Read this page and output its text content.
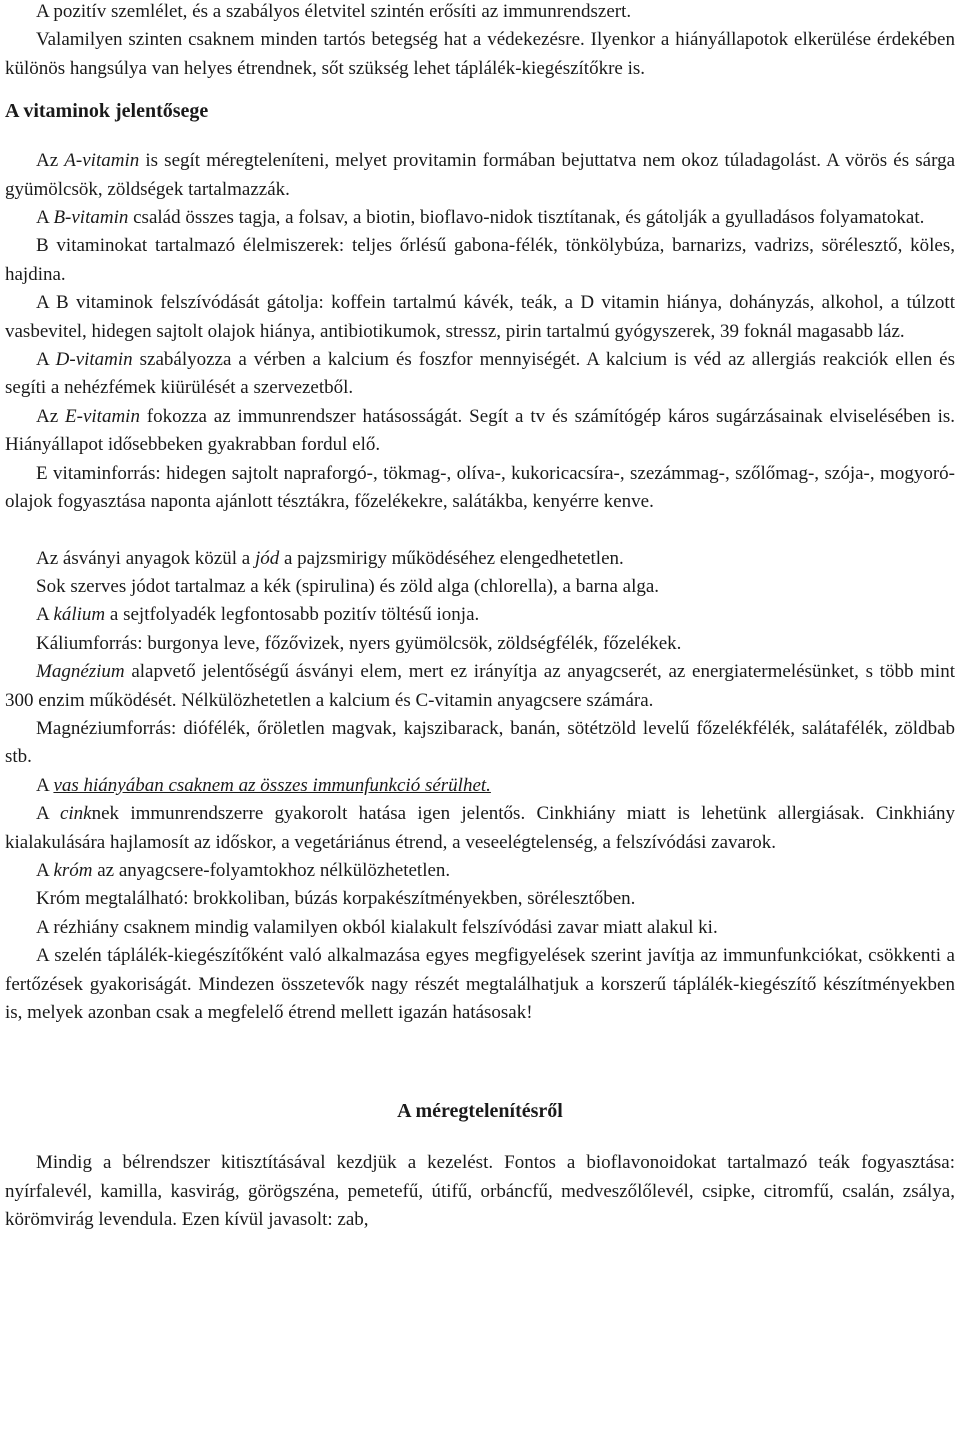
A pozitív szemlélet, és a szabályos életvitel szintén erősíti az immunrendszert.

Valamilyen szinten csaknem minden tartós betegség hat a védekezésre. Ilyenkor a hiányállapotok elkerülése érdekében különös hangsúlya van helyes étrendnek, sőt szükség lehet táplálék-kiegészítőkre is.

A vitaminok jelentősege

Az A-vitamin is segít méregteleníteni, melyet provitamin formában bejuttatva nem okoz túladagolást. A vörös és sárga gyümölcsök, zöldségek tartalmazzák.

A B-vitamin család összes tagja, a folsav, a biotin, bioflavo-nidok tisztítanak, és gátolják a gyulladásos folyamatokat.

B vitaminokat tartalmazó élelmiszerek: teljes őrlésű gabona-félék, tönkölybúza, barnarizs, vadrizs, sörélesztő, köles, hajdina.

A B vitaminok felszívódását gátolja: koffein tartalmú kávék, teák, a D vitamin hiánya, dohányzás, alkohol, a túlzott vasbevitel, hidegen sajtolt olajok hiánya, antibiotikumok, stressz, pirin tartalmú gyógyszerek, 39 foknál magasabb láz.

A D-vitamin szabályozza a vérben a kalcium és foszfor mennyiségét. A kalcium is véd az allergiás reakciók ellen és segíti a nehézfémek kiürülését a szervezetből.

Az E-vitamin fokozza az immunrendszer hatásosságát. Segít a tv és számítógép káros sugárzásainak elviselésében is. Hiányállapot idősebbeken gyakrabban fordul elő.

E vitaminforrás: hidegen sajtolt napraforgó-, tökmag-, olíva-, kukoricacsíra-, szezámmag-, szőlőmag-, szója-, mogyoró-olajok fogyasztása naponta ajánlott tésztákra, főzelékekre, salátákba, kenyérre kenve.

Az ásványi anyagok közül a jód a pajzsmirigy működéséhez elengedhetetlen.

Sok szerves jódot tartalmaz a kék (spirulina) és zöld alga (chlorella), a barna alga.

A kálium a sejtfolyadék legfontosabb pozitív töltésű ionja.

Káliumforrás: burgonya leve, főzővizek, nyers gyümölcsök, zöldségfélék, főzelékek.

Magnézium alapvető jelentőségű ásványi elem, mert ez irányítja az anyagcserét, az energiatermelésünket, s több mint 300 enzim működését. Nélkülözhetetlen a kalcium és C-vitamin anyagcsere számára.

Magnéziumforrás: diófélék, őröletlen magvak, kajszibarack, banán, sötétzöld levelű főzelékfélék, salátafélék, zöldbab stb.

A vas hiányában csaknem az összes immunfunkció sérülhet.

A cinknek immunrendszerre gyakorolt hatása igen jelentős. Cinkhiány miatt is lehetünk allergiásak. Cinkhiány kialakulására hajlamosít az időskor, a vegetáriánus étrend, a veseelégtelenség, a felszívódási zavarok.

A króm az anyagcsere-folyamtokhoz nélkülözhetetlen.

Króm megtalálható: brokkoliban, búzás korpakészítményekben, sörélesztőben.

A rézhiány csaknem mindig valamilyen okból kialakult felszívódási zavar miatt alakul ki.

A szelén táplálék-kiegészítőként való alkalmazása egyes megfigyelések szerint javítja az immunfunkciókat, csökkenti a fertőzések gyakoriságát. Mindezen összetevők nagy részét megtalálhatjuk a korszerű táplálék-kiegészítő készítményekben is, melyek azonban csak a megfelelő étrend mellett igazán hatásosak!

A méregtelenítésről

Mindig a bélrendszer kitisztításával kezdjük a kezelést. Fontos a bioflavonoidokat tartalmazó teák fogyasztása: nyírfalevél, kamilla, kasvirág, görögszéna, pemetefű, útifű, orbáncfű, medveszőlőlevél, csipke, citromfű, csalán, zsálya, körömvirág levendula. Ezen kívül javasolt: zab,
